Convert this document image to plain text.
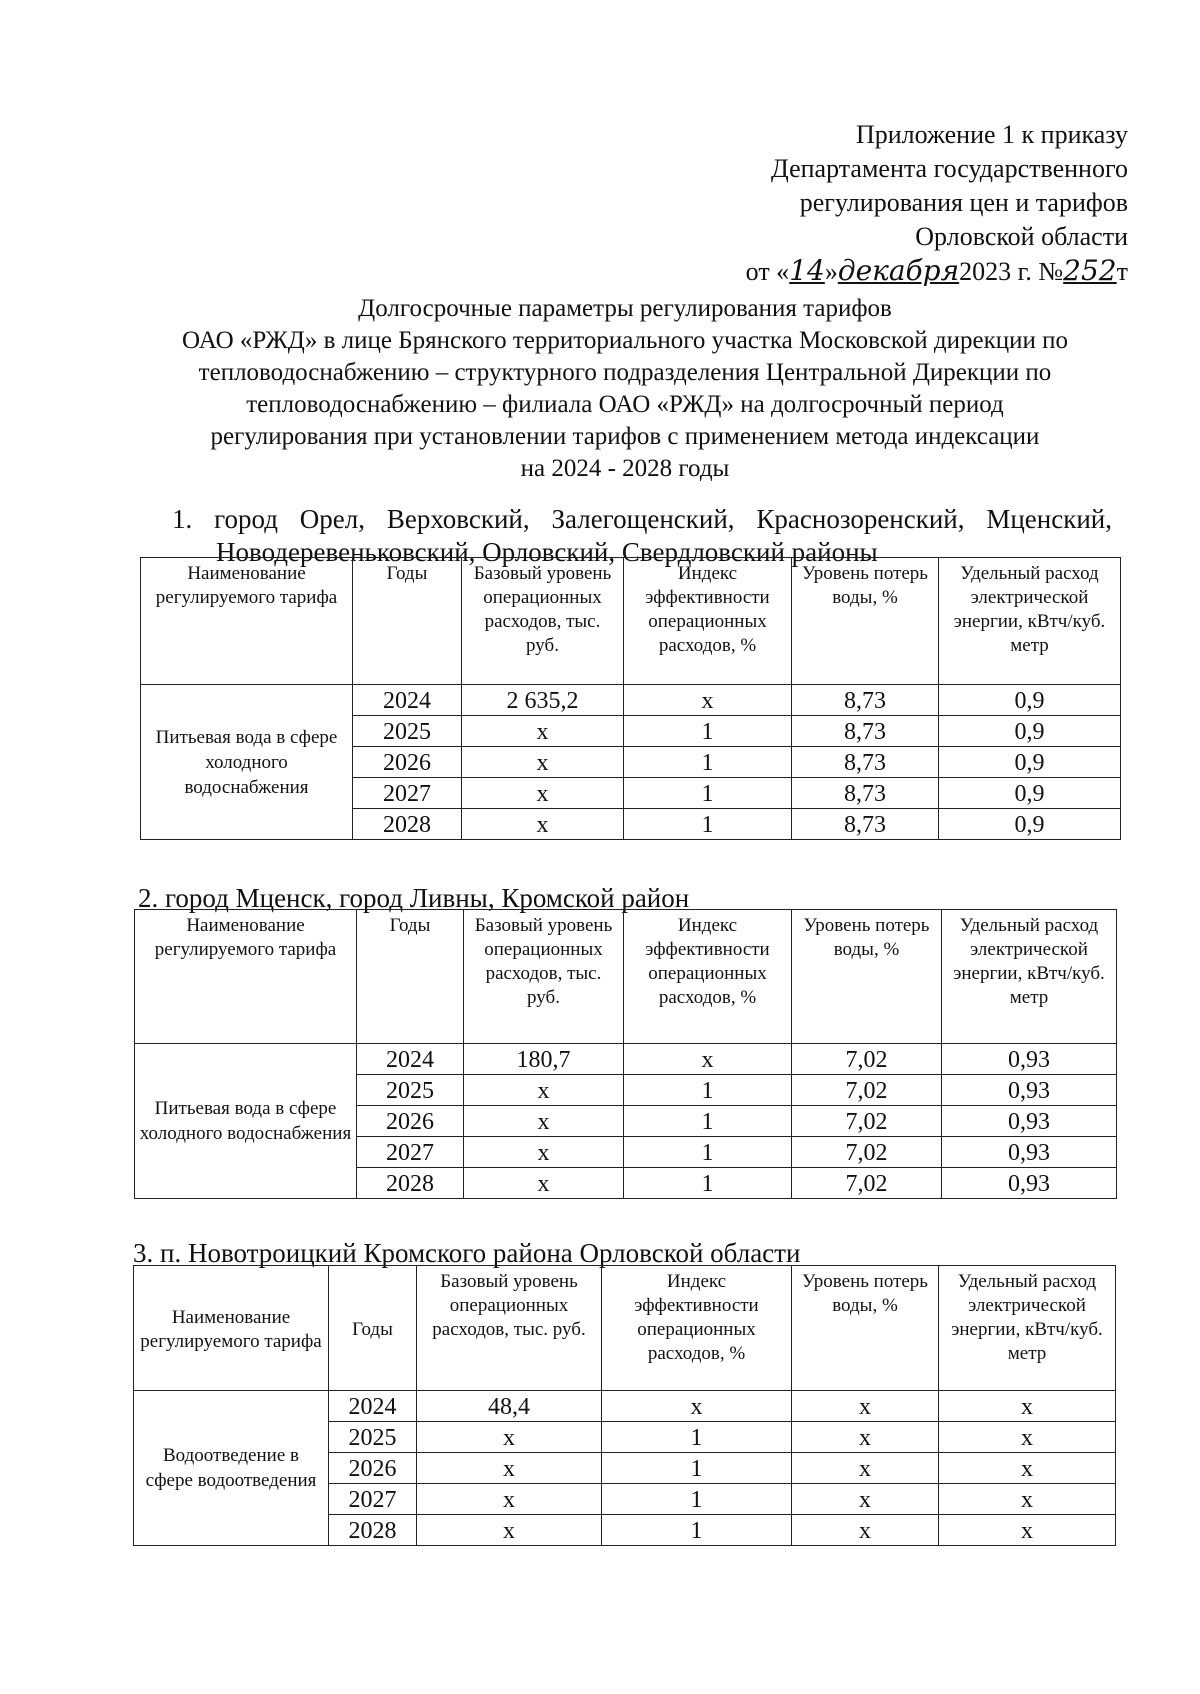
Приложение 1 к приказу
Департамента государственного
регулирования цен и тарифов
Орловской области
от «14»декабря2023 г. №252т
Долгосрочные параметры регулирования тарифов
ОАО «РЖД» в лице Брянского территориального участка Московской дирекции по
тепловодоснабжению – структурного подразделения Центральной Дирекции по
тепловодоснабжению – филиала ОАО «РЖД» на долгосрочный период
регулирования при установлении тарифов с применением метода индексации
на 2024 - 2028 годы
1. город Орел, Верховский, Залегощенский, Краснозоренский, Мценский,
Новодеревеньковский, Орловский, Свердловский районы
Наименование регулируемого тарифа	Годы	Базовый уровень операционных расходов, тыс. руб.	Индекс эффективности операционных расходов, %	Уровень потерь воды, %	Удельный расход электрической энергии, кВтч/куб. метр
Питьевая вода в сфере холодного водоснабжения	2024	2 635,2	x	8,73	0,9
	2025	x	1	8,73	0,9
	2026	x	1	8,73	0,9
	2027	x	1	8,73	0,9
	2028	x	1	8,73	0,9
2. город Мценск, город Ливны, Кромской район
Наименование регулируемого тарифа	Годы	Базовый уровень операционных расходов, тыс. руб.	Индекс эффективности операционных расходов, %	Уровень потерь воды, %	Удельный расход электрической энергии, кВтч/куб. метр
Питьевая вода в сфере холодного водоснабжения	2024	180,7	x	7,02	0,93
	2025	x	1	7,02	0,93
	2026	x	1	7,02	0,93
	2027	x	1	7,02	0,93
	2028	x	1	7,02	0,93
3. п. Новотроицкий Кромского района Орловской области
Наименование регулируемого тарифа	Годы	Базовый уровень операционных расходов, тыс. руб.	Индекс эффективности операционных расходов, %	Уровень потерь воды, %	Удельный расход электрической энергии, кВтч/куб. метр
Водоотведение в сфере водоотведения	2024	48,4	x	x	x
	2025	x	1	x	x
	2026	x	1	x	x
	2027	x	1	x	x
	2028	x	1	x	x
